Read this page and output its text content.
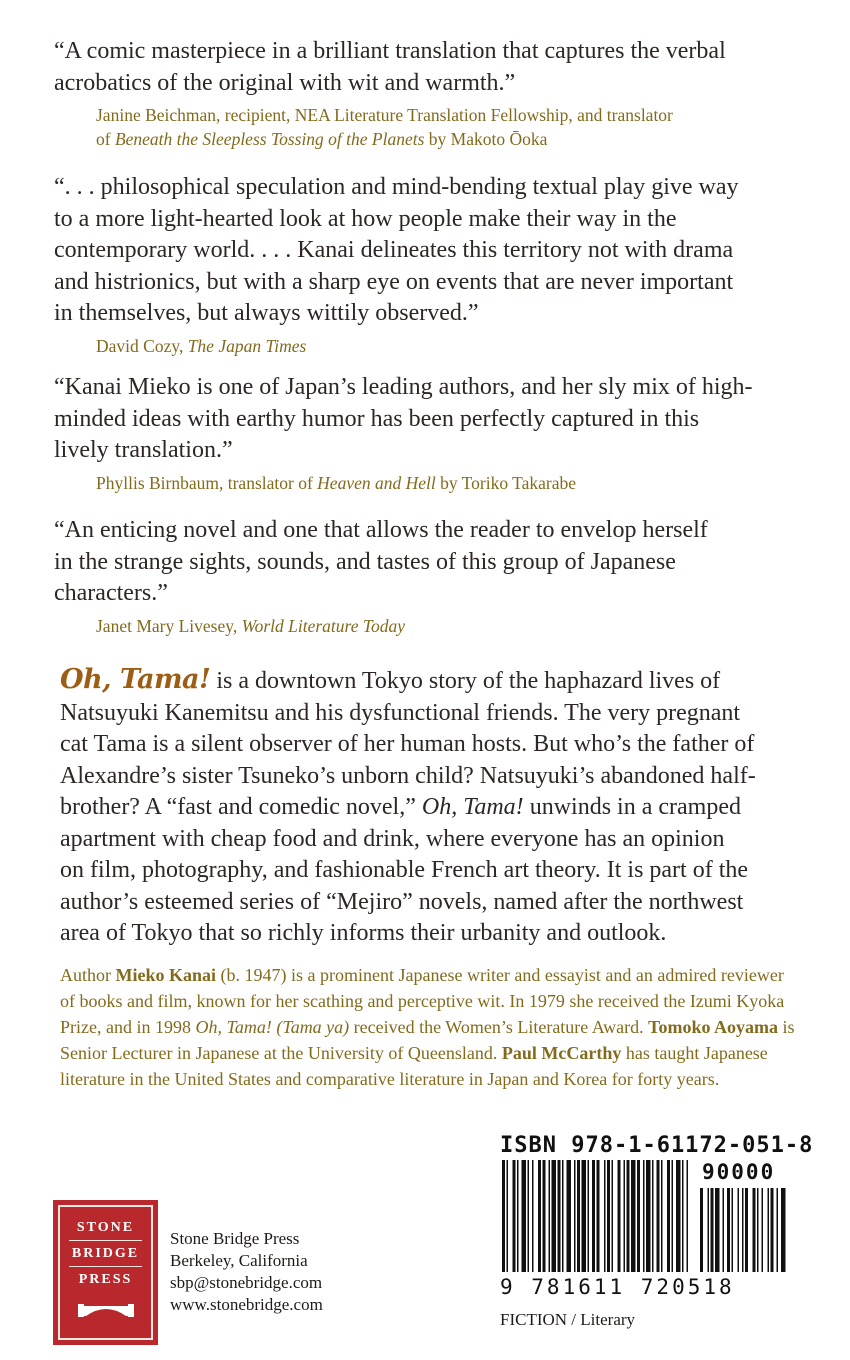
“A comic masterpiece in a brilliant translation that captures the verbal
acrobatics of the original with wit and warmth.”

Janine Beichman, recipient, NEA Literature Translation Fellowship, and translator
of Beneath the Sleepless Tossing of the Planets by Makoto Ōoka

“. . . philosophical speculation and mind-bending textual play give way
to a more light-hearted look at how people make their way in the
contemporary world. . . . Kanai delineates this territory not with drama
and histrionics, but with a sharp eye on events that are never important
in themselves, but always wittily observed.”

David Cozy, The Japan Times

“Kanai Mieko is one of Japan’s leading authors, and her sly mix of high-
minded ideas with earthy humor has been perfectly captured in this
lively translation.”

Phyllis Birnbaum, translator of Heaven and Hell by Toriko Takarabe

“An enticing novel and one that allows the reader to envelop herself
in the strange sights, sounds, and tastes of this group of Japanese
characters.”

Janet Mary Livesey, World Literature Today
Oh, Tama! is a downtown Tokyo story of the haphazard lives of
Natsuyuki Kanemitsu and his dysfunctional friends. The very pregnant
cat Tama is a silent observer of her human hosts. But who’s the father of
Alexandre’s sister Tsuneko’s unborn child? Natsuyuki’s abandoned half-
brother? A “fast and comedic novel,” Oh, Tama! unwinds in a cramped
apartment with cheap food and drink, where everyone has an opinion
on film, photography, and fashionable French art theory. It is part of the
author’s esteemed series of “Mejiro” novels, named after the northwest
area of Tokyo that so richly informs their urbanity and outlook.
Author Mieko Kanai (b. 1947) is a prominent Japanese writer and essayist and an admired reviewer of books and film, known for her scathing and perceptive wit. In 1979 she received the Izumi Kyoka Prize, and in 1998 Oh, Tama! (Tama ya) received the Women’s Literature Award. Tomoko Aoyama is Senior Lecturer in Japanese at the University of Queensland. Paul McCarthy has taught Japanese literature in the United States and comparative literature in Japan and Korea for forty years.
STONE
BRIDGE
PRESS
Stone Bridge Press
Berkeley, California
sbp@stonebridge.com
www.stonebridge.com
ISBN 978-1-61172-051-8
90000
9 781611 720518
FICTION / Literary
